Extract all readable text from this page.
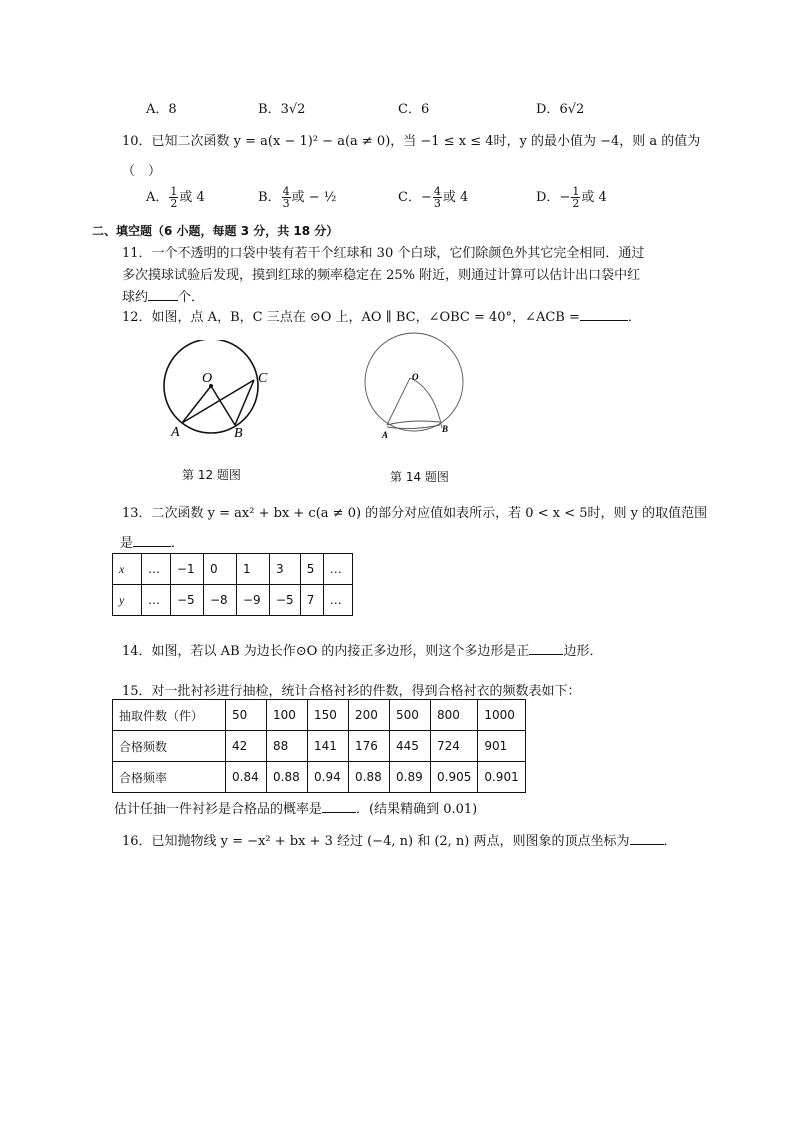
A．8	B．3√2	C．6	D．6√2
10．已知二次函数 y = a(x − 1)² − a(a ≠ 0)，当 −1 ≤ x ≤ 4时，y 的最小值为 −4，则 a 的值为
（　）
A． $\frac{1}{2}$ 或 4	B． $\frac{4}{3}$ 或 − ½	C．− $\frac{4}{3}$ 或 4	D．− $\frac{1}{2}$ 或 4
二、填空题（6 小题，每题 3 分，共 18 分）
11．一个不透明的口袋中装有若干个红球和 30 个白球，它们除颜色外其它完全相同．通过
多次摸球试验后发现，摸到红球的频率稳定在 25% 附近，则通过计算可以估计出口袋中红
球约 个．
12．如图，点 A，B，C 三点在 ⊙O 上，AO ∥ BC，∠OBC = 40°，∠ACB =	．
O	C
A	B
第 12 题图
O
A
B
第 14 题图
13．二次函数 y = ax² + bx + c(a ≠ 0) 的部分对应值如表所示，若 0 < x < 5时，则 y 的取值范围
是	．
x	…	−1	0	1	3	5	…
y	…	−5	−8	−9	−5	7	…
14．如图，若以 AB 为边长作⊙O 的内接正多边形，则这个多边形是正	边形．
15．对一批衬衫进行抽检，统计合格衬衫的件数，得到合格衬衣的频数表如下：
抽取件数（件）	50	100	150	200	500	800	1000
合格频数	42	88	141	176	445	724	901
合格频率	0.84	0.88	0.94	0.88	0.89	0.905	0.901
估计任抽一件衬衫是合格品的概率是	．(结果精确到 0.01)
16．已知抛物线 y = −x² + bx + 3 经过 (−4, n) 和 (2, n) 两点，则图象的顶点坐标为	．
